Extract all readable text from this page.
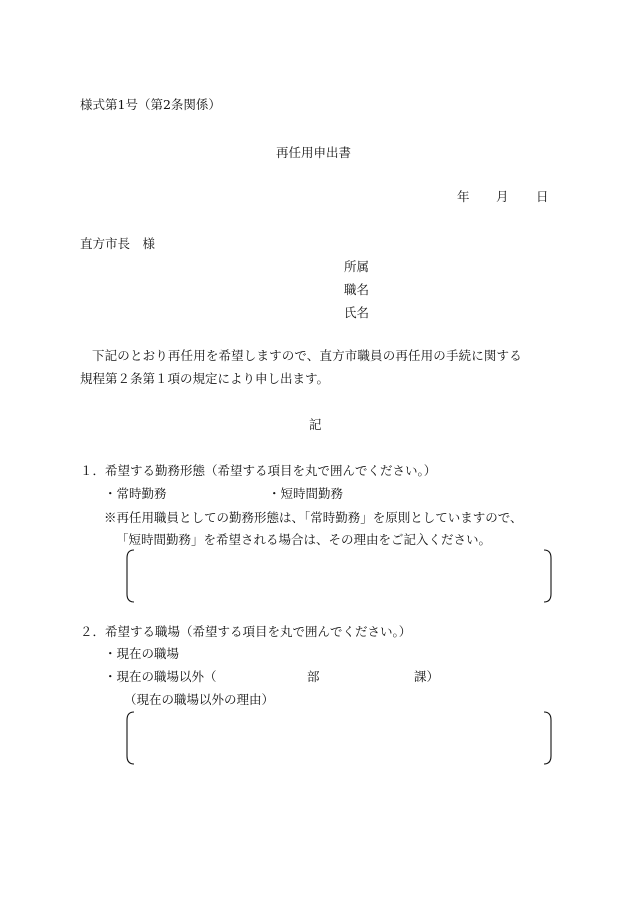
様式第1号（第2条関係）
再任用申出書
年 月 日
直方市長　様
所属
職名
氏名
下記のとおり再任用を希望しますので、直方市職員の再任用の手続に関する
規程第２条第１項の規定により申し出ます。
記
１．希望する勤務形態（希望する項目を丸で囲んでください。）
・常時勤務	・短時間勤務
※再任用職員としての勤務形態は、「常時勤務」を原則としていますので、
「短時間勤務」を希望される場合は、その理由をご記入ください。
２．希望する職場（希望する項目を丸で囲んでください。）
・現在の職場
・現在の職場以外（	部	課）
（現在の職場以外の理由）
